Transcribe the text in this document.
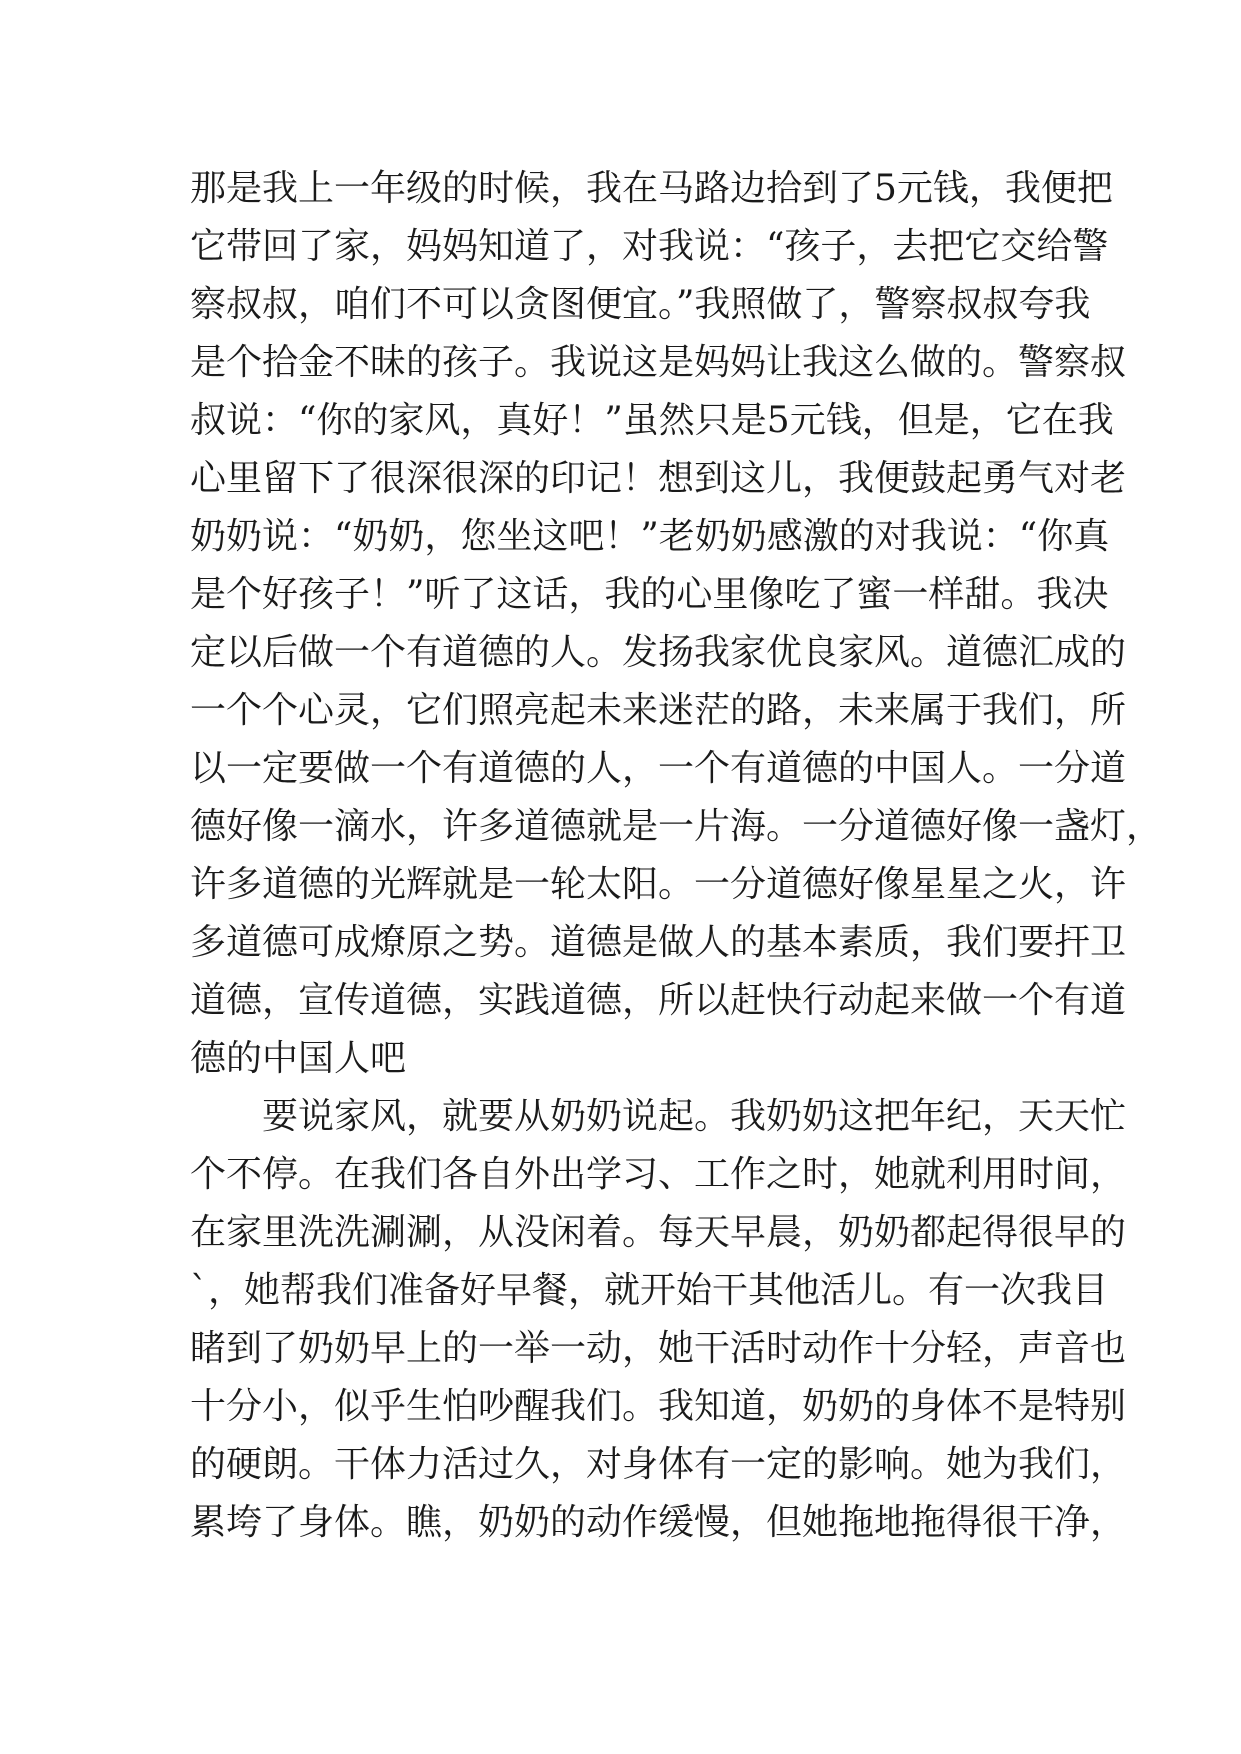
那是我上一年级的时候，我在马路边拾到了5元钱，我便把
它带回了家，妈妈知道了，对我说：“孩子，去把它交给警
察叔叔，咱们不可以贪图便宜。”我照做了，警察叔叔夸我
是个拾金不昧的孩子。我说这是妈妈让我这么做的。警察叔
叔说：“你的家风，真好！”虽然只是5元钱，但是，它在我
心里留下了很深很深的印记！想到这儿，我便鼓起勇气对老
奶奶说：“奶奶，您坐这吧！”老奶奶感激的对我说：“你真
是个好孩子！”听了这话，我的心里像吃了蜜一样甜。我决
定以后做一个有道德的人。发扬我家优良家风。道德汇成的
一个个心灵，它们照亮起未来迷茫的路，未来属于我们，所
以一定要做一个有道德的人，一个有道德的中国人。一分道
德好像一滴水，许多道德就是一片海。一分道德好像一盏灯，
许多道德的光辉就是一轮太阳。一分道德好像星星之火，许
多道德可成燎原之势。道德是做人的基本素质，我们要扞卫
道德，宣传道德，实践道德，所以赶快行动起来做一个有道
德的中国人吧
要说家风，就要从奶奶说起。我奶奶这把年纪，天天忙
个不停。在我们各自外出学习、工作之时，她就利用时间，
在家里洗洗涮涮，从没闲着。每天早晨，奶奶都起得很早的
`，她帮我们准备好早餐，就开始干其他活儿。有一次我目
睹到了奶奶早上的一举一动，她干活时动作十分轻，声音也
十分小，似乎生怕吵醒我们。我知道，奶奶的身体不是特别
的硬朗。干体力活过久，对身体有一定的影响。她为我们，
累垮了身体。瞧，奶奶的动作缓慢，但她拖地拖得很干净，
